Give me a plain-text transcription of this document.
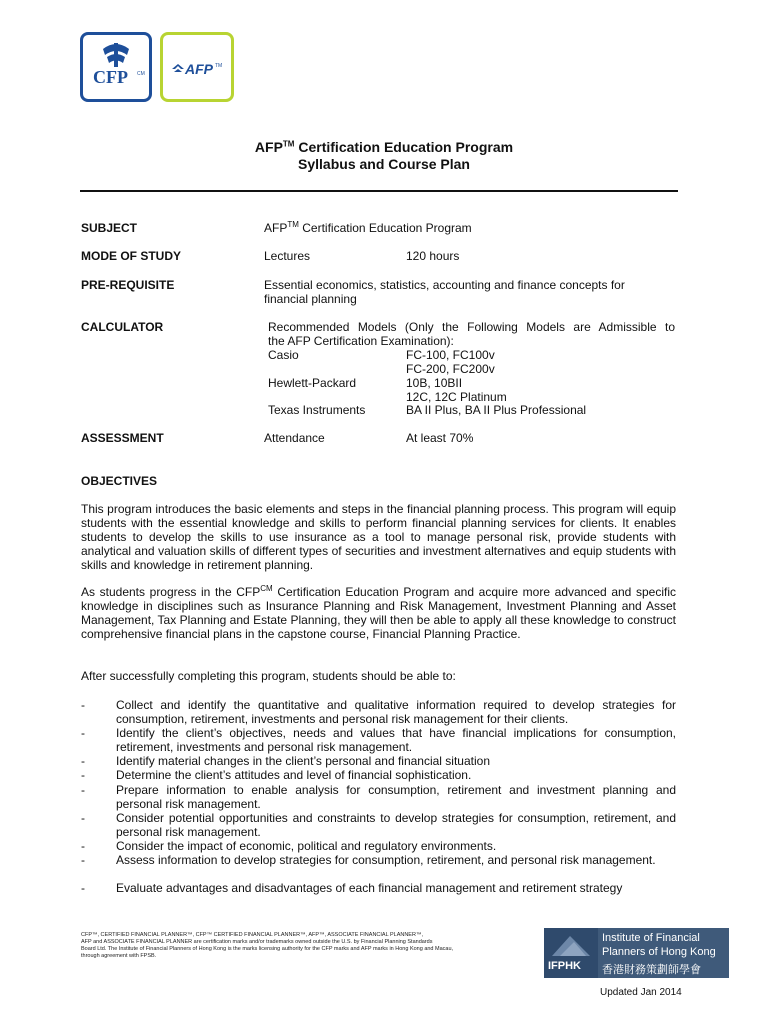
CFP CM	AFP TM
AFP™ Certification Education Program
Syllabus and Course Plan
SUBJECT	AFP™ Certification Education Program
MODE OF STUDY	Lectures	120 hours
PRE-REQUISITE	Essential economics, statistics, accounting and finance concepts for
financial planning
CALCULATOR	Recommended Models (Only the Following Models are Admissible to
the AFP Certification Examination):
Casio	FC-100, FC100v
FC-200, FC200v
Hewlett-Packard	10B, 10BII
12C, 12C Platinum
Texas Instruments	BA II Plus, BA II Plus Professional
ASSESSMENT	Attendance	At least 70%
OBJECTIVES
This program introduces the basic elements and steps in the financial planning process. This program will equip students with the essential knowledge and skills to perform financial planning services for clients. It enables students to develop the skills to use insurance as a tool to manage personal risk, provide students with analytical and valuation skills of different types of securities and investment alternatives and equip students with skills and knowledge in retirement planning.
As students progress in the $CFP^{CM}$ Certification Education Program and acquire more advanced and specific knowledge in disciplines such as Insurance Planning and Risk Management, Investment Planning and Asset Management, Tax Planning and Estate Planning, they will then be able to apply all these knowledge to construct comprehensive financial plans in the capstone course, Financial Planning Practice.
After successfully completing this program, students should be able to:
-	Collect and identify the quantitative and qualitative information required to develop strategies for consumption, retirement, investments and personal risk management for their clients.
-	Identify the client’s objectives, needs and values that have financial implications for consumption, retirement, investments and personal risk management.
-	Identify material changes in the client’s personal and financial situation
-	Determine the client’s attitudes and level of financial sophistication.
-	Prepare information to enable analysis for consumption, retirement and investment planning and personal risk management.
-	Consider potential opportunities and constraints to develop strategies for consumption, retirement, and personal risk management.
-	Consider the impact of economic, political and regulatory environments.
-	Assess information to develop strategies for consumption, retirement, and personal risk management.
-	Evaluate advantages and disadvantages of each financial management and retirement strategy
CFP™, CERTIFIED FINANCIAL PLANNER™, CFP™ CERTIFIED FINANCIAL PLANNER™, AFP™, ASSOCIATE FINANCIAL PLANNER™,
AFP and ASSOCIATE FINANCIAL PLANNER are certification marks and/or trademarks owned outside the U.S. by Financial Planning Standards
Board Ltd. The Institute of Financial Planners of Hong Kong is the marks licensing authority for the CFP marks and AFP marks in Hong Kong and Macau,
through agreement with FPSB.
IFPHK
Institute of Financial
Planners of Hong Kong
香港財務策劃師學會
Updated Jan 2014
